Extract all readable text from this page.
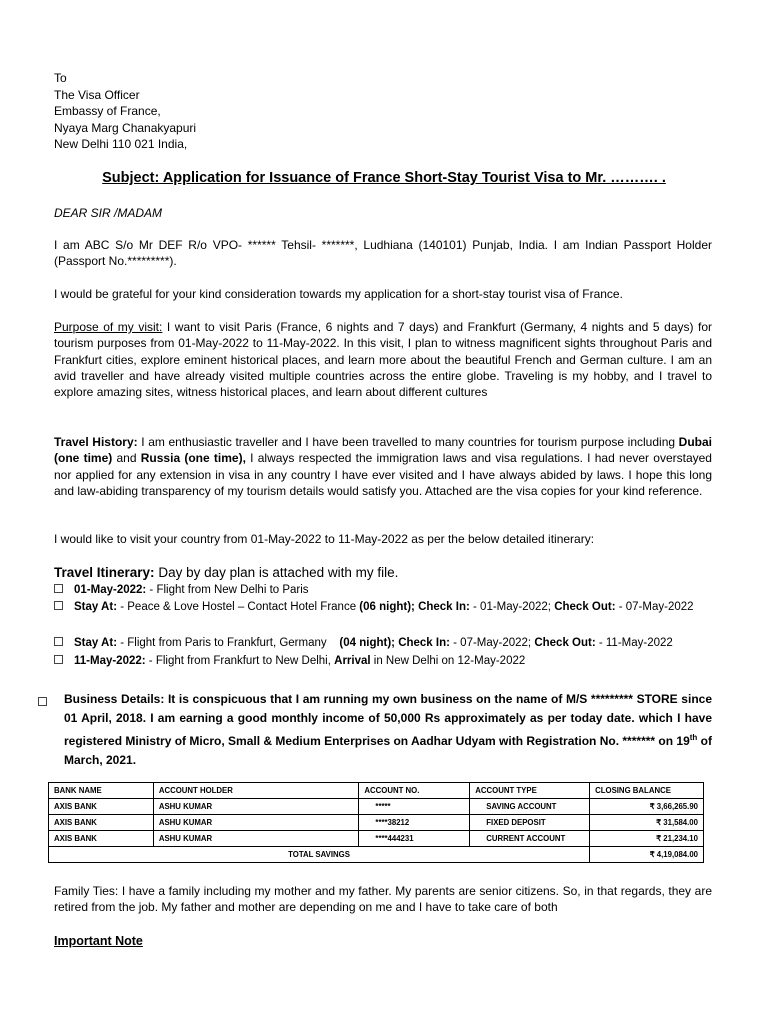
To
The Visa Officer
Embassy of France,
Nyaya Marg Chanakyapuri
New Delhi 110 021 India,
Subject: Application for Issuance of France Short-Stay Tourist Visa to Mr. ………. .
DEAR SIR /MADAM
I am ABC S/o Mr DEF R/o VPO- ****** Tehsil- *******, Ludhiana (140101) Punjab, India. I am Indian Passport Holder (Passport No.*********).
I would be grateful for your kind consideration towards my application for a short-stay tourist visa of France.
Purpose of my visit: I want to visit Paris (France, 6 nights and 7 days) and Frankfurt (Germany, 4 nights and 5 days) for tourism purposes from 01-May-2022 to 11-May-2022. In this visit, I plan to witness magnificent sights throughout Paris and Frankfurt cities, explore eminent historical places, and learn more about the beautiful French and German culture. I am an avid traveller and have already visited multiple countries across the entire globe. Traveling is my hobby, and I travel to explore amazing sites, witness historical places, and learn about different cultures
Travel History: I am enthusiastic traveller and I have been travelled to many countries for tourism purpose including Dubai (one time) and Russia (one time), I always respected the immigration laws and visa regulations. I had never overstayed nor applied for any extension in visa in any country I have ever visited and I have always abided by laws. I hope this long and law-abiding transparency of my tourism details would satisfy you. Attached are the visa copies for your kind reference.
I would like to visit your country from 01-May-2022 to 11-May-2022 as per the below detailed itinerary:
Travel Itinerary: Day by day plan is attached with my file.
01-May-2022: - Flight from New Delhi to Paris
Stay At: - Peace & Love Hostel – Contact Hotel France (06 night); Check In: - 01-May-2022; Check Out: - 07-May-2022
Stay At: - Flight from Paris to Frankfurt, Germany    (04 night); Check In: - 07-May-2022; Check Out: - 11-May-2022
11-May-2022: - Flight from Frankfurt to New Delhi, Arrival in New Delhi on 12-May-2022
Business Details: It is conspicuous that I am running my own business on the name of M/S ********* STORE since 01 April, 2018. I am earning a good monthly income of 50,000 Rs approximately as per today date. which I have registered Ministry of Micro, Small & Medium Enterprises on Aadhar Udyam with Registration No. ******* on 19th of March, 2021.
BANK NAME	ACCOUNT HOLDER	ACCOUNT NO.	ACCOUNT TYPE	CLOSING BALANCE
AXIS BANK	ASHU KUMAR	*****	SAVING ACCOUNT	₹ 3,66,265.90
AXIS BANK	ASHU KUMAR	****38212	FIXED DEPOSIT	₹ 31,584.00
AXIS BANK	ASHU KUMAR	****444231	CURRENT ACCOUNT	₹ 21,234.10
TOTAL SAVINGS				₹ 4,19,084.00
Family Ties: I have a family including my mother and my father. My parents are senior citizens. So, in that regards, they are retired from the job. My father and mother are depending on me and I have to take care of both
Important Note
